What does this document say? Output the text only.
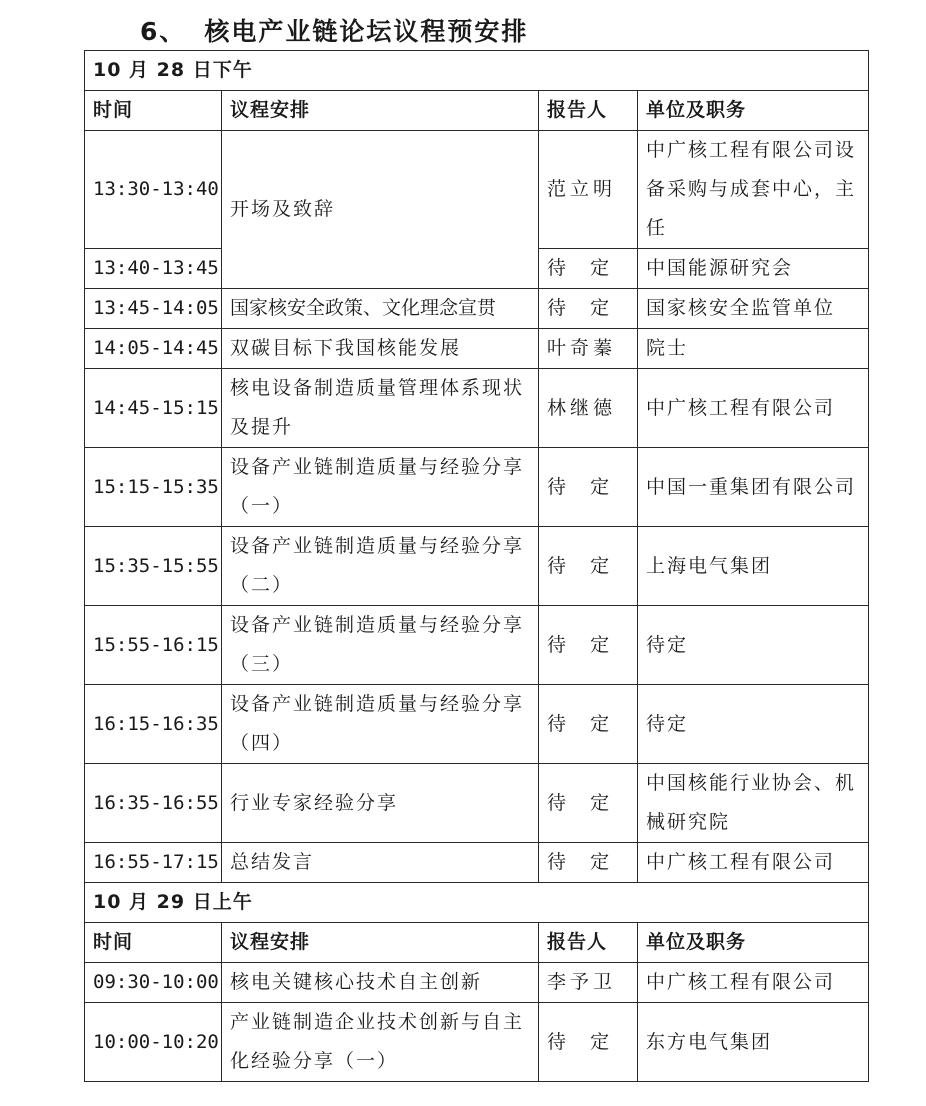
6、 核电产业链论坛议程预安排
10 月 28 日下午			
时间	议程安排	报告人	单位及职务
13:30-13:40	开场及致辞	范立明	中广核工程有限公司设备采购与成套中心，主任
13:40-13:45		待  定	中国能源研究会
13:45-14:05	国家核安全政策、文化理念宣贯	待  定	国家核安全监管单位
14:05-14:45	双碳目标下我国核能发展	叶奇蓁	院士
14:45-15:15	核电设备制造质量管理体系现状及提升	林继德	中广核工程有限公司
15:15-15:35	设备产业链制造质量与经验分享（一）	待  定	中国一重集团有限公司
15:35-15:55	设备产业链制造质量与经验分享（二）	待  定	上海电气集团
15:55-16:15	设备产业链制造质量与经验分享（三）	待  定	待定
16:15-16:35	设备产业链制造质量与经验分享（四）	待  定	待定
16:35-16:55	行业专家经验分享	待  定	中国核能行业协会、机械研究院
16:55-17:15	总结发言	待  定	中广核工程有限公司
10 月 29 日上午			
时间	议程安排	报告人	单位及职务
09:30-10:00	核电关键核心技术自主创新	李予卫	中广核工程有限公司
10:00-10:20	产业链制造企业技术创新与自主化经验分享（一）	待  定	东方电气集团
